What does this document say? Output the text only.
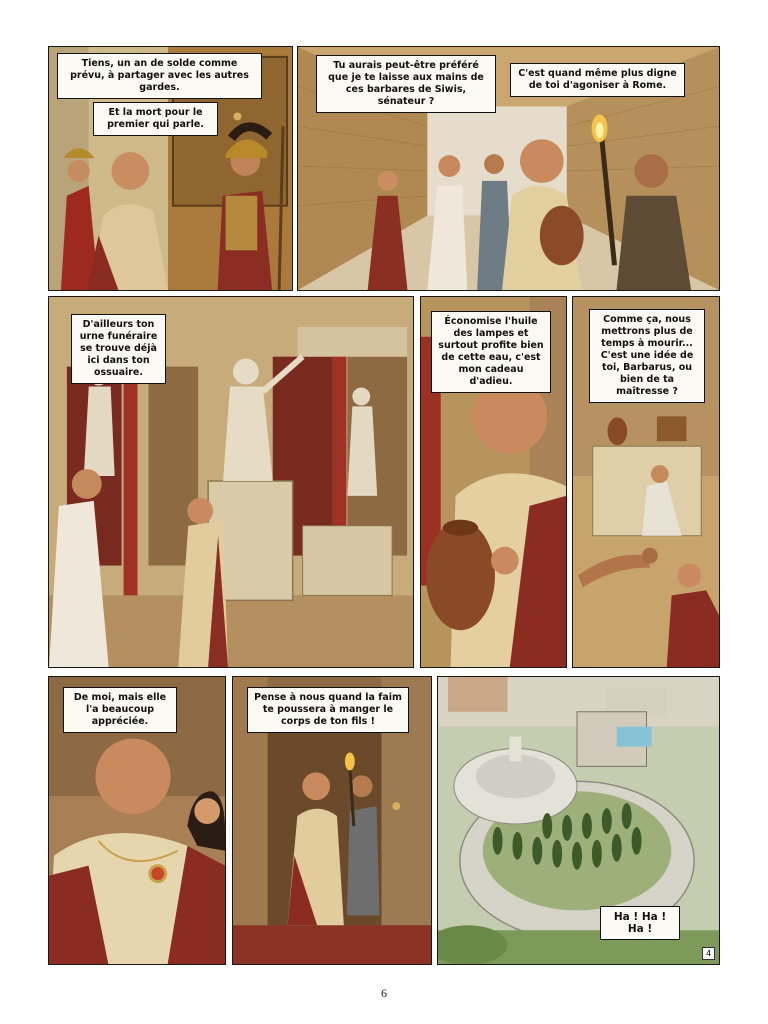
Tiens, un an de solde comme prévu, à partager avec les autres gardes.
Et la mort pour le premier qui parle.
Tu aurais peut-être préféré que je te laisse aux mains de ces barbares de Siwis, sénateur ?
C'est quand même plus digne de toi d'agoniser à Rome.
D'ailleurs ton urne funéraire se trouve déjà ici dans ton ossuaire.
Économise l'huile des lampes et surtout profite bien de cette eau, c'est mon cadeau d'adieu.
Comme ça, nous mettrons plus de temps à mourir... C'est une idée de toi, Barbarus, ou bien de ta maîtresse ?
De moi, mais elle l'a beaucoup appréciée.
Pense à nous quand la faim te poussera à manger le corps de ton fils !
Ha ! Ha ! Ha !
4
6
